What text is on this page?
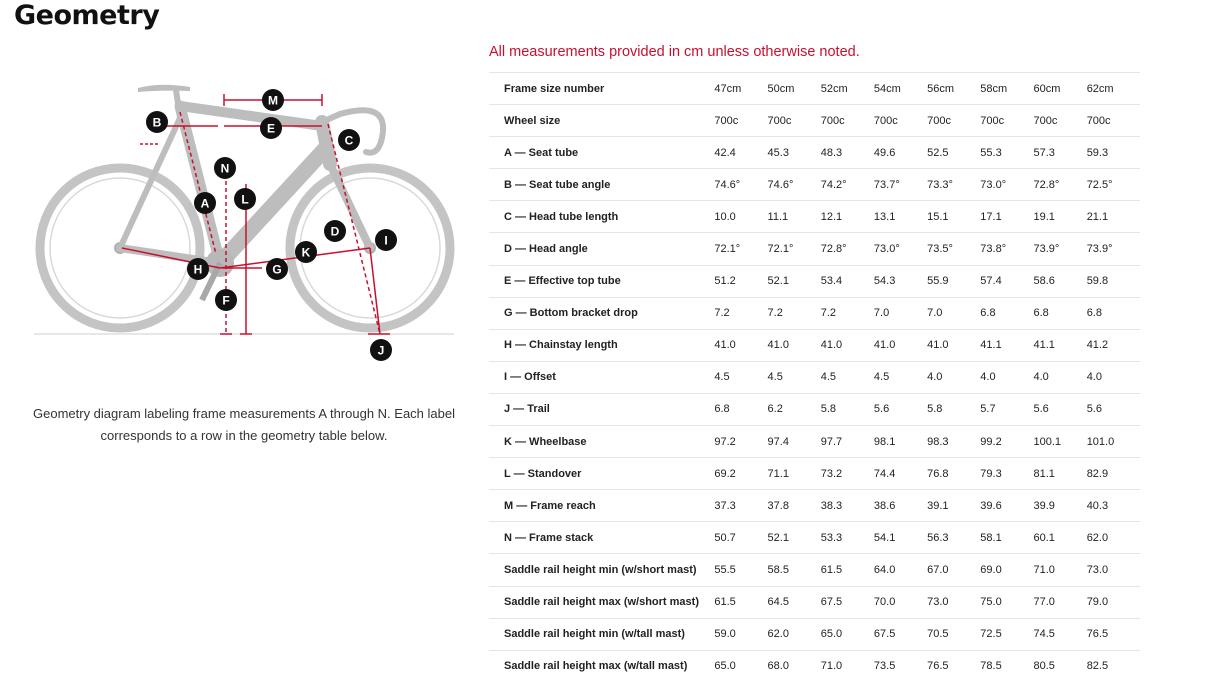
Geometry
M
E
B
C
N
A	L
D
I
K
H	G
F
J

Geometry diagram labeling frame measurements A through N. Each label corresponds to a row in the geometry table below.

All measurements provided in cm unless otherwise noted.
Frame size number	47cm	50cm	52cm	54cm	56cm	58cm	60cm	62cm
Wheel size	700c	700c	700c	700c	700c	700c	700c	700c
A — Seat tube	42.4	45.3	48.3	49.6	52.5	55.3	57.3	59.3
B — Seat tube angle	74.6°	74.6°	74.2°	73.7°	73.3°	73.0°	72.8°	72.5°
C — Head tube length	10.0	11.1	12.1	13.1	15.1	17.1	19.1	21.1
D — Head angle	72.1°	72.1°	72.8°	73.0°	73.5°	73.8°	73.9°	73.9°
E — Effective top tube	51.2	52.1	53.4	54.3	55.9	57.4	58.6	59.8
G — Bottom bracket drop	7.2	7.2	7.2	7.0	7.0	6.8	6.8	6.8
H — Chainstay length	41.0	41.0	41.0	41.0	41.0	41.1	41.1	41.2
I — Offset	4.5	4.5	4.5	4.5	4.0	4.0	4.0	4.0
J — Trail	6.8	6.2	5.8	5.6	5.8	5.7	5.6	5.6
K — Wheelbase	97.2	97.4	97.7	98.1	98.3	99.2	100.1	101.0
L — Standover	69.2	71.1	73.2	74.4	76.8	79.3	81.1	82.9
M — Frame reach	37.3	37.8	38.3	38.6	39.1	39.6	39.9	40.3
N — Frame stack	50.7	52.1	53.3	54.1	56.3	58.1	60.1	62.0
Saddle rail height min (w/short mast)	55.5	58.5	61.5	64.0	67.0	69.0	71.0	73.0
Saddle rail height max (w/short mast)	61.5	64.5	67.5	70.0	73.0	75.0	77.0	79.0
Saddle rail height min (w/tall mast)	59.0	62.0	65.0	67.5	70.5	72.5	74.5	76.5
Saddle rail height max (w/tall mast)	65.0	68.0	71.0	73.5	76.5	78.5	80.5	82.5
